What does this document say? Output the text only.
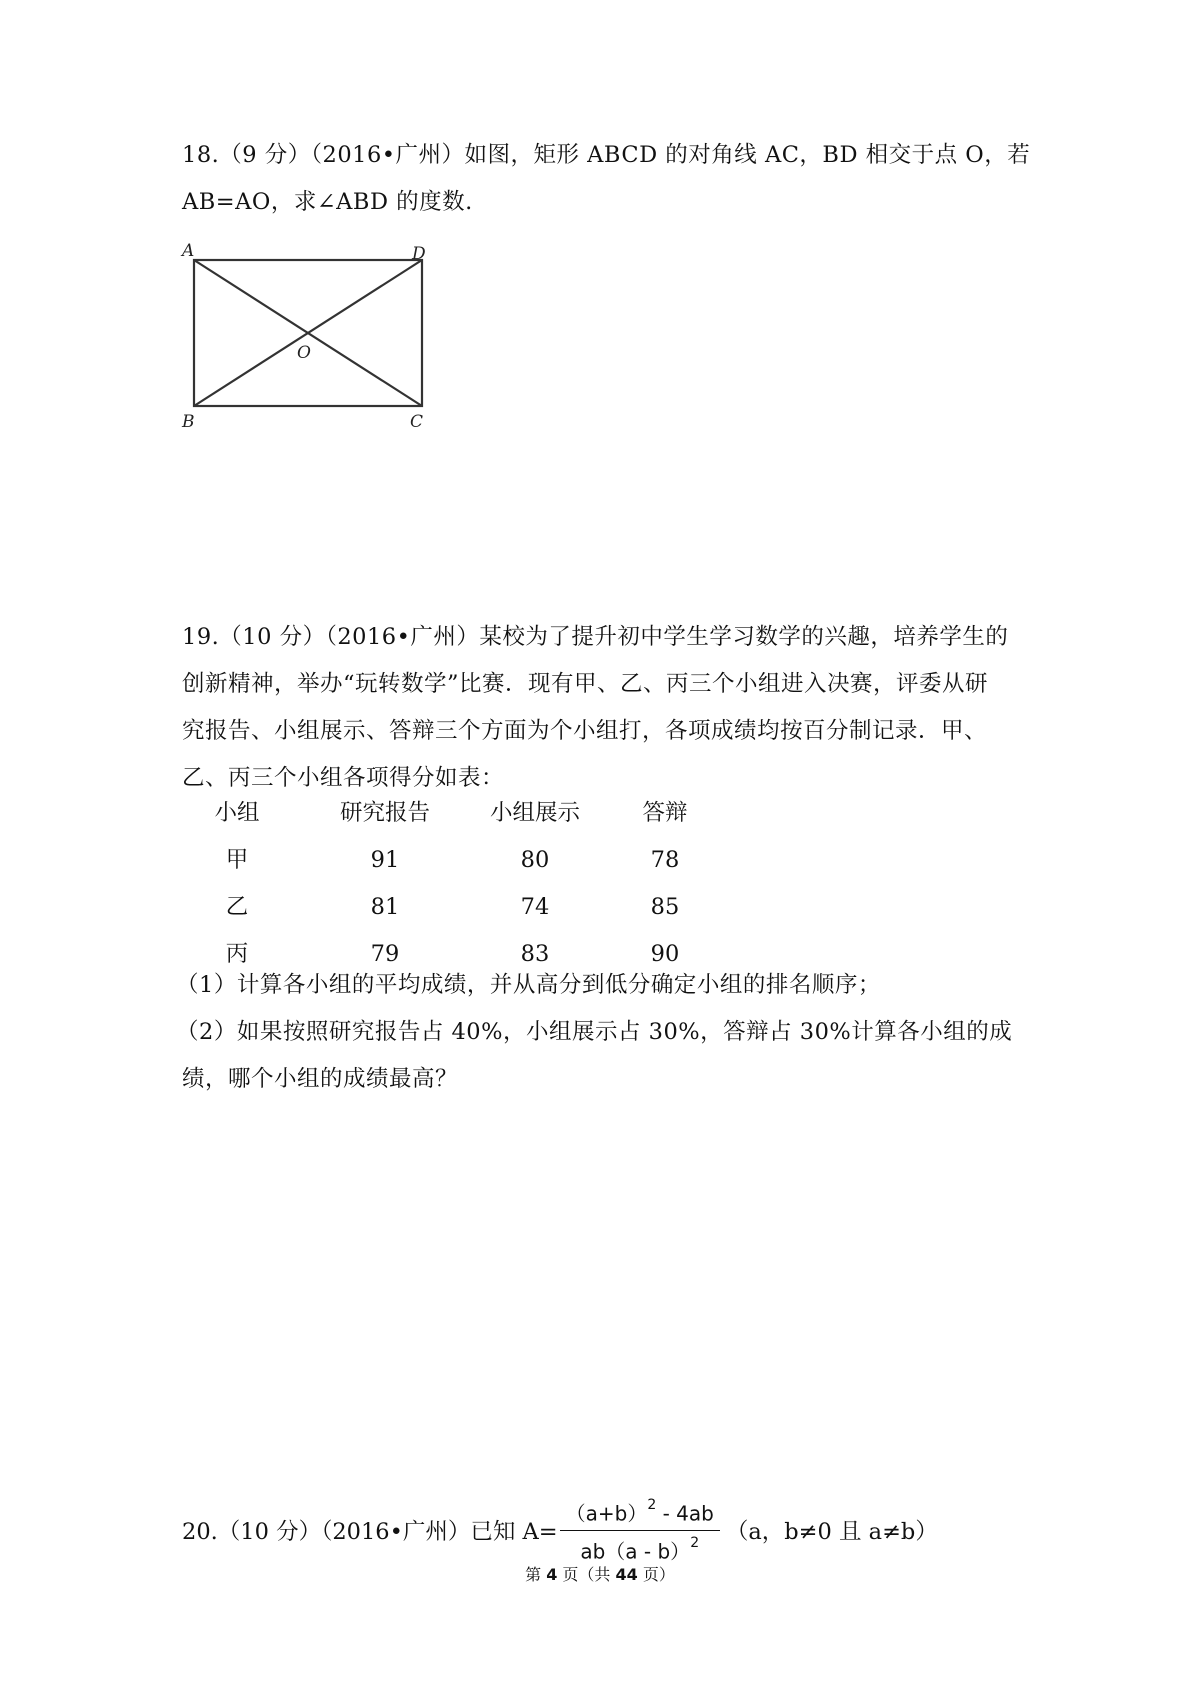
18.（9 分）（2016•广州）如图，矩形 ABCD 的对角线 AC，BD 相交于点 O，若
AB=AO，求∠ABD 的度数.
A	D
B	C
O
19.（10 分）（2016•广州）某校为了提升初中学生学习数学的兴趣，培养学生的
创新精神，举办“玩转数学”比赛．现有甲、乙、丙三个小组进入决赛，评委从研
究报告、小组展示、答辩三个方面为个小组打，各项成绩均按百分制记录．甲、
乙、丙三个小组各项得分如表：
小组	研究报告	小组展示	答辩
甲	91	80	78
乙	81	74	85
丙	79	83	90
（1）计算各小组的平均成绩，并从高分到低分确定小组的排名顺序；
（2）如果按照研究报告占 40%，小组展示占 30%，答辩占 30%计算各小组的成
绩，哪个小组的成绩最高？
20.（10 分）（2016•广州）已知 $A= \frac{(a+b)^2 - 4ab}{ab(a - b)^2} (a$，b≠0 且 a≠b）
第 4 页（共 44 页）
